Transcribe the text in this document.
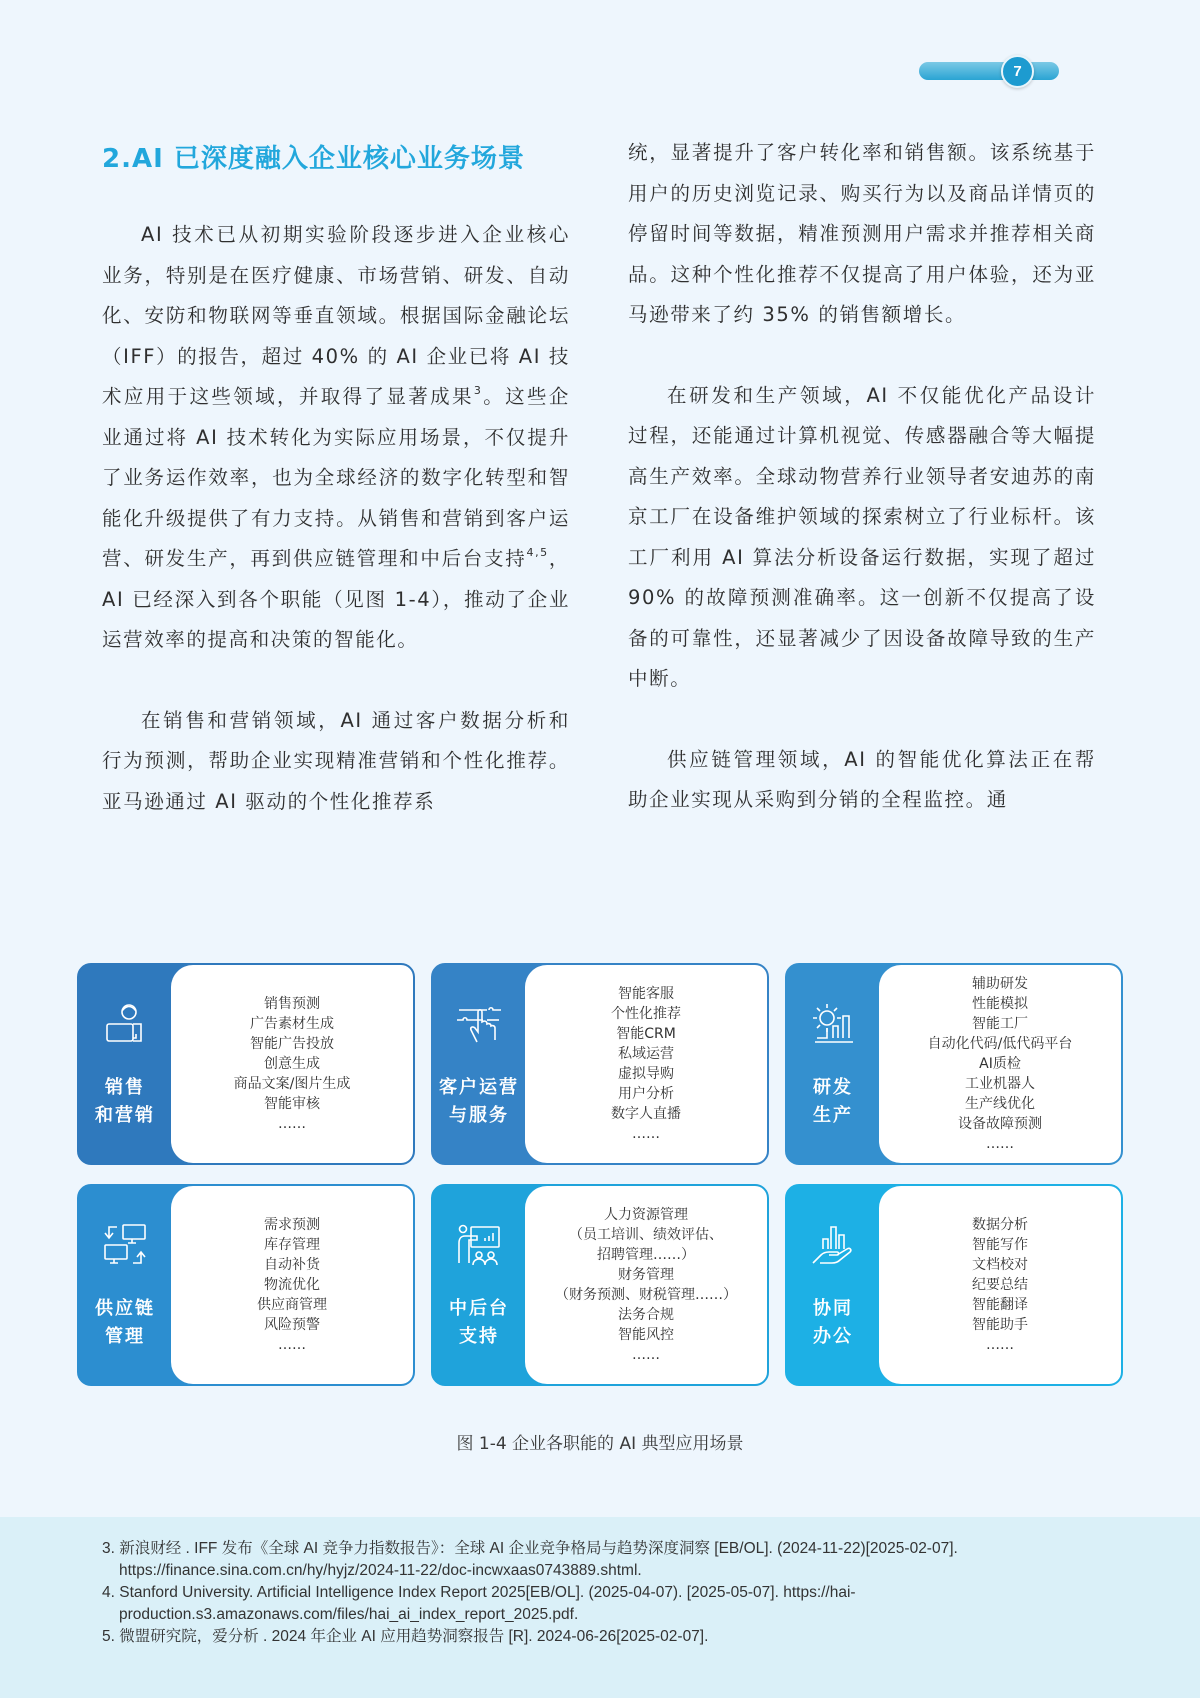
7
2.AI 已深度融入企业核心业务场景

AI 技术已从初期实验阶段逐步进入企业核心业务，特别是在医疗健康、市场营销、研发、自动化、安防和物联网等垂直领域。根据国际金融论坛（IFF）的报告，超过 40% 的 AI 企业已将 AI 技术应用于这些领域，并取得了显著成果$^3$。这些企业通过将 AI 技术转化为实际应用场景，不仅提升了业务运作效率，也为全球经济的数字化转型和智能化升级提供了有力支持。从销售和营销到客户运营、研发生产，再到供应链管理和中后台支持$^{4,5}$，AI 已经深入到各个职能（见图 1-4），推动了企业运营效率的提高和决策的智能化。

在销售和营销领域，AI 通过客户数据分析和行为预测，帮助企业实现精准营销和个性化推荐。亚马逊通过 AI 驱动的个性化推荐系

统，显著提升了客户转化率和销售额。该系统基于用户的历史浏览记录、购买行为以及商品详情页的停留时间等数据，精准预测用户需求并推荐相关商品。这种个性化推荐不仅提高了用户体验，还为亚马逊带来了约 35% 的销售额增长。

在研发和生产领域，AI 不仅能优化产品设计过程，还能通过计算机视觉、传感器融合等大幅提高生产效率。全球动物营养行业领导者安迪苏的南京工厂在设备维护领域的探索树立了行业标杆。该工厂利用 AI 算法分析设备运行数据，实现了超过 90% 的故障预测准确率。这一创新不仅提高了设备的可靠性，还显著减少了因设备故障导致的生产中断。

供应链管理领域，AI 的智能优化算法正在帮助企业实现从采购到分销的全程监控。通

销售
和营销
销售预测
广告素材生成
智能广告投放
创意生成
商品文案/图片生成
智能审核
……
客户运营
与服务
智能客服
个性化推荐
智能CRM
私域运营
虚拟导购
用户分析
数字人直播
……
研发
生产
辅助研发
性能模拟
智能工厂
自动化代码/低代码平台
AI质检
工业机器人
生产线优化
设备故障预测
……
供应链
管理
需求预测
库存管理
自动补货
物流优化
供应商管理
风险预警
……
中后台
支持
人力资源管理
（员工培训、绩效评估、
招聘管理……）
财务管理
（财务预测、财税管理……）
法务合规
智能风控
……
协同
办公
数据分析
智能写作
文档校对
纪要总结
智能翻译
智能助手
……
图 1-4 企业各职能的 AI 典型应用场景
3. 新浪财经 . IFF 发布《全球 AI 竞争力指数报告》：全球 AI 企业竞争格局与趋势深度洞察 [EB/OL]. (2024-11-22)[2025-02-07]. https://finance.sina.com.cn/hy/hyjz/2024-11-22/doc-incwxaas0743889.shtml.
4. Stanford University. Artificial Intelligence Index Report 2025[EB/OL]. (2025-04-07). [2025-05-07]. https://hai-production.s3.amazonaws.com/files/hai_ai_index_report_2025.pdf.
5. 微盟研究院，爱分析 . 2024 年企业 AI 应用趋势洞察报告 [R]. 2024-06-26[2025-02-07].
